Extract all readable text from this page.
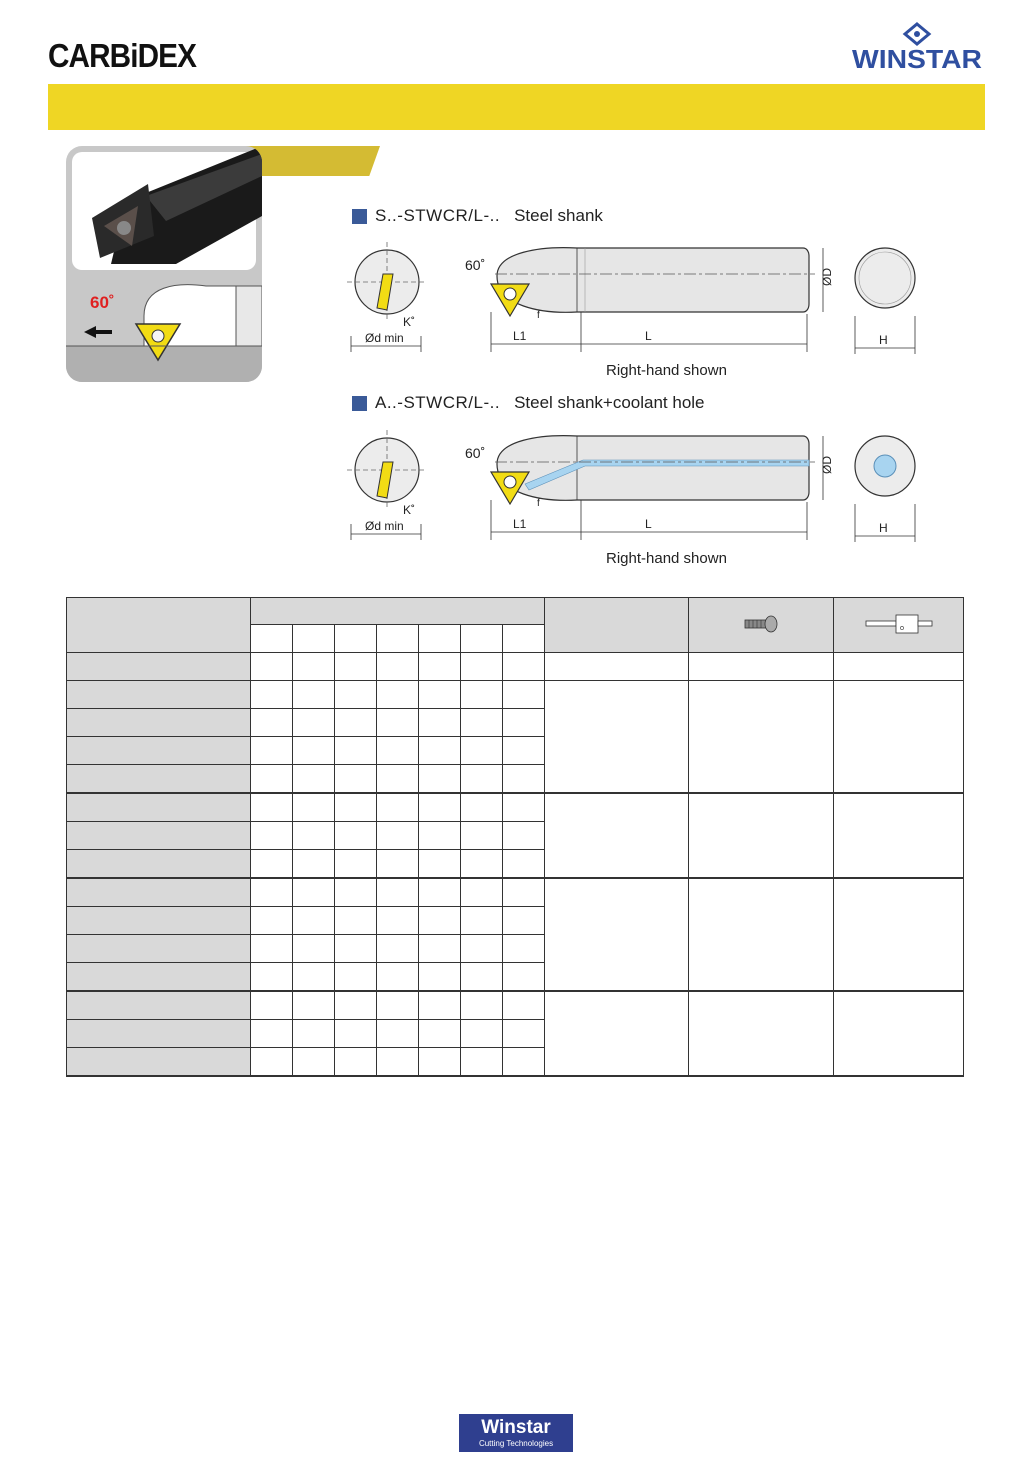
CARBiDEX	WINSTAR
60˚
S..-STWCR/L-.. Steel shank
Ød min
K˚
60˚
L1	L
ØD
f
H
Right-hand shown
A..-STWCR/L-.. Steel shank+coolant hole
Ød min
K˚
60˚
L1	L
ØD
f
H
Right-hand shown

Winstar
Cutting Technologies
